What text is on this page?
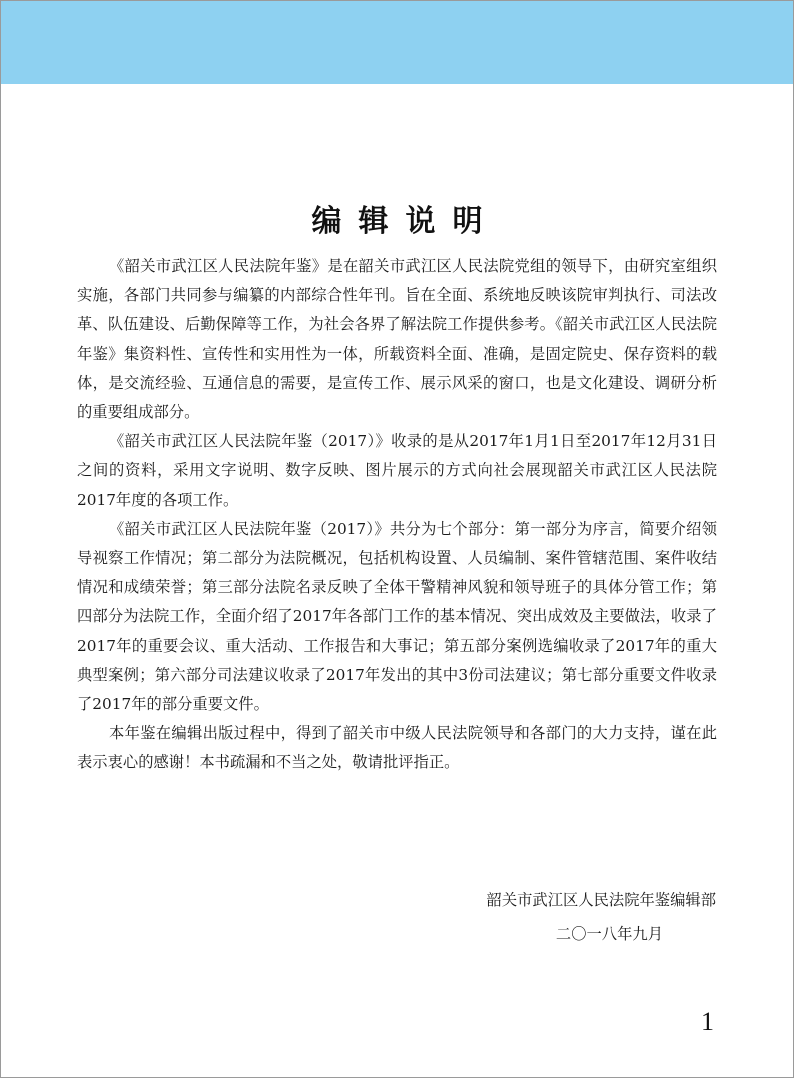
编辑说明

《韶关市武江区人民法院年鉴》是在韶关市武江区人民法院党组的领导下，由研究室组织实施，各部门共同参与编纂的内部综合性年刊。旨在全面、系统地反映该院审判执行、司法改革、队伍建设、后勤保障等工作，为社会各界了解法院工作提供参考。《韶关市武江区人民法院年鉴》集资料性、宣传性和实用性为一体，所载资料全面、准确，是固定院史、保存资料的载体，是交流经验、互通信息的需要，是宣传工作、展示风采的窗口，也是文化建设、调研分析的重要组成部分。

《韶关市武江区人民法院年鉴（2017）》收录的是从2017年1月1日至2017年12月31日之间的资料，采用文字说明、数字反映、图片展示的方式向社会展现韶关市武江区人民法院2017年度的各项工作。

《韶关市武江区人民法院年鉴（2017）》共分为七个部分：第一部分为序言，简要介绍领导视察工作情况；第二部分为法院概况，包括机构设置、人员编制、案件管辖范围、案件收结情况和成绩荣誉；第三部分法院名录反映了全体干警精神风貌和领导班子的具体分管工作；第四部分为法院工作，全面介绍了2017年各部门工作的基本情况、突出成效及主要做法，收录了2017年的重要会议、重大活动、工作报告和大事记；第五部分案例选编收录了2017年的重大典型案例；第六部分司法建议收录了2017年发出的其中3份司法建议；第七部分重要文件收录了2017年的部分重要文件。

本年鉴在编辑出版过程中，得到了韶关市中级人民法院领导和各部门的大力支持，谨在此表示衷心的感谢！本书疏漏和不当之处，敬请批评指正。

韶关市武江区人民法院年鉴编辑部
二〇一八年九月
1
